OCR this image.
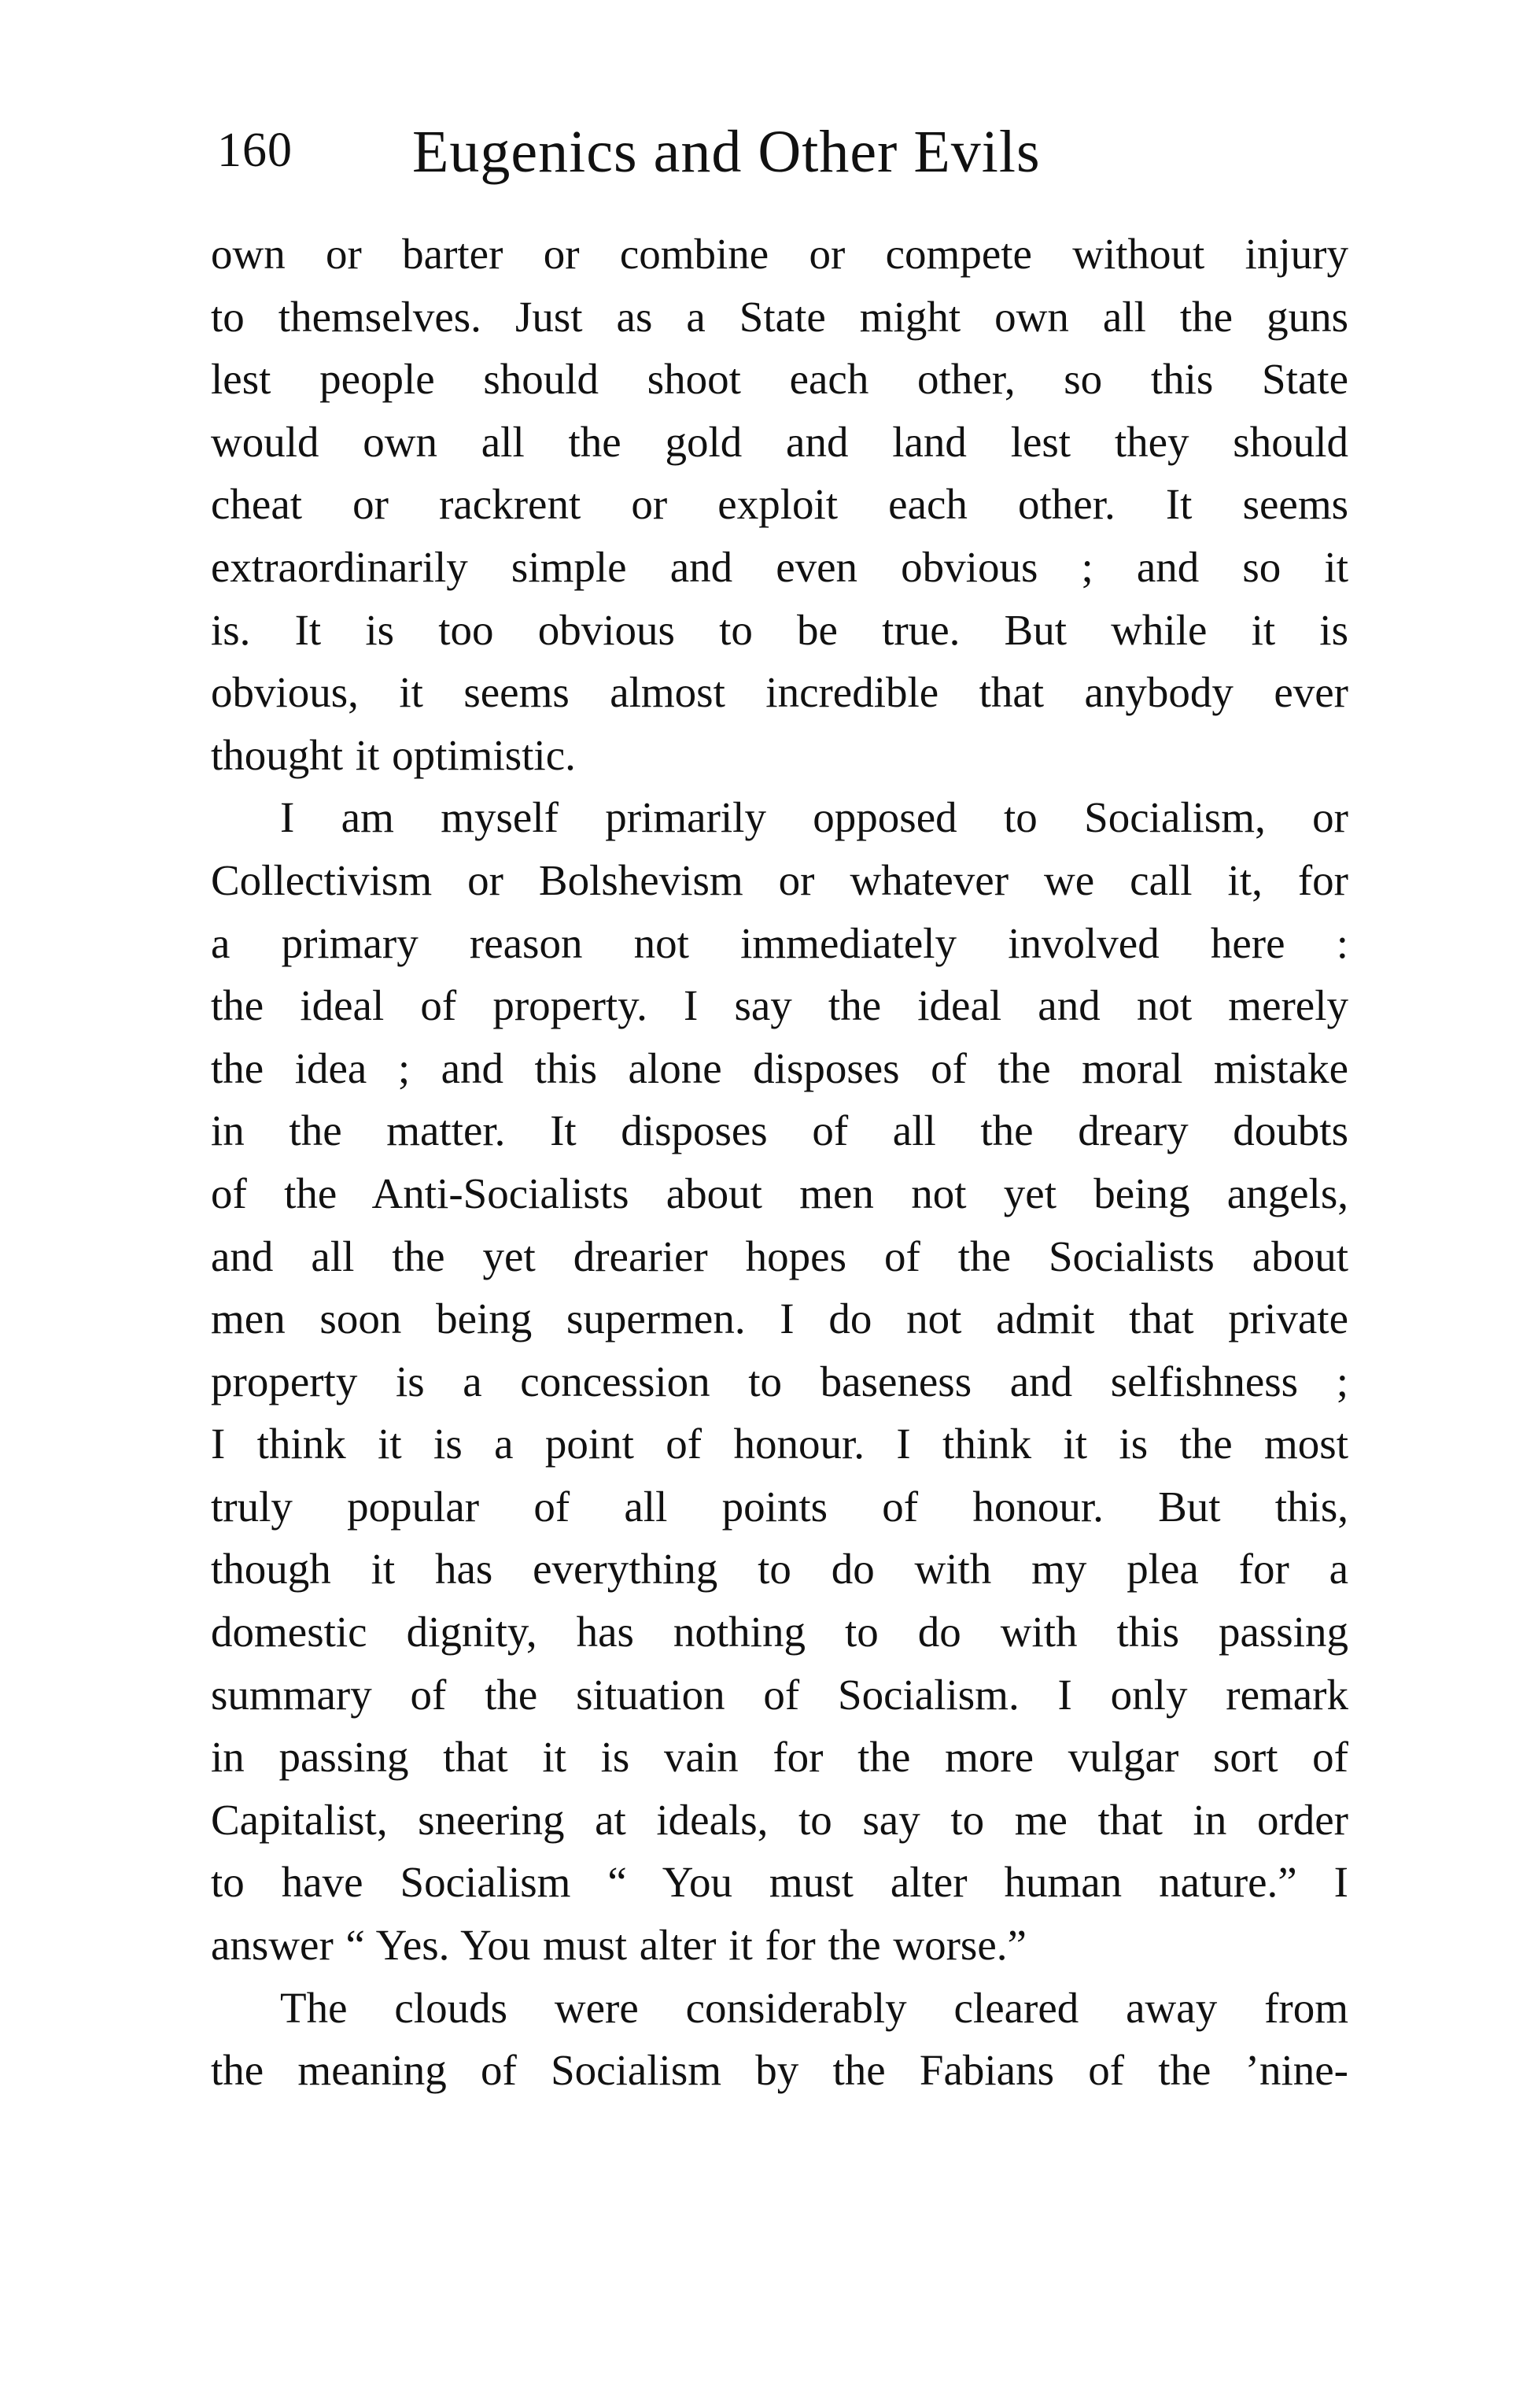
160 Eugenics and Other Evils
own or barter or combine or compete without injury
to themselves. Just as a State might own all the guns
lest people should shoot each other, so this State
would own all the gold and land lest they should
cheat or rackrent or exploit each other. It seems
extraordinarily simple and even obvious ; and so it
is. It is too obvious to be true. But while it is
obvious, it seems almost incredible that anybody ever
thought it optimistic.
I am myself primarily opposed to Socialism, or
Collectivism or Bolshevism or whatever we call it, for
a primary reason not immediately involved here :
the ideal of property. I say the ideal and not merely
the idea ; and this alone disposes of the moral mistake
in the matter. It disposes of all the dreary doubts
of the Anti-Socialists about men not yet being angels,
and all the yet drearier hopes of the Socialists about
men soon being supermen. I do not admit that private
property is a concession to baseness and selfishness ;
I think it is a point of honour. I think it is the most
truly popular of all points of honour. But this,
though it has everything to do with my plea for a
domestic dignity, has nothing to do with this passing
summary of the situation of Socialism. I only remark
in passing that it is vain for the more vulgar sort of
Capitalist, sneering at ideals, to say to me that in order
to have Socialism “ You must alter human nature.” I
answer “ Yes. You must alter it for the worse.”
The clouds were considerably cleared away from
the meaning of Socialism by the Fabians of the ’nine-
